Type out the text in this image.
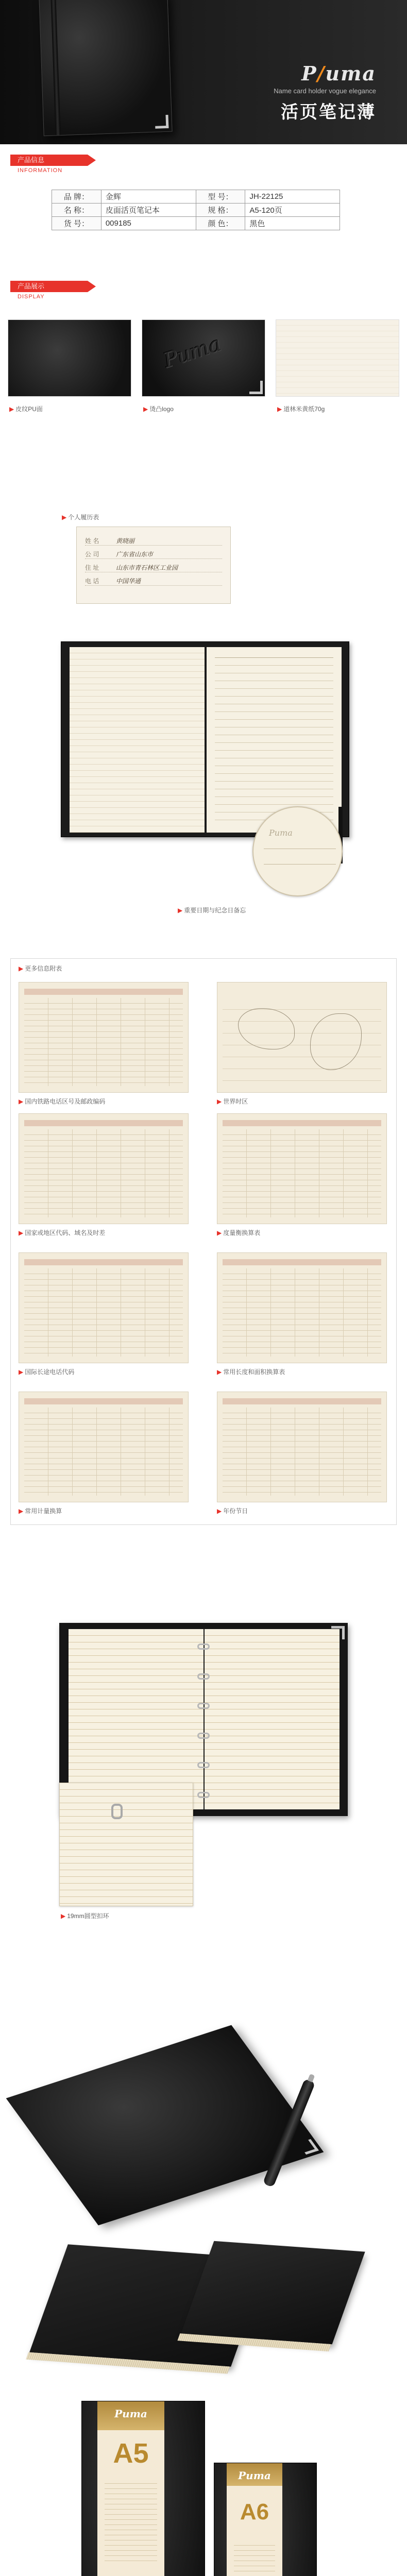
P/uma
Name card holder vogue elegance
活页笔记薄
产品信息
INFORMATION
品 牌：	金辉	型 号：	JH-22125
名 称：	皮面活页笔记本	规 格：	A5-120页
货 号：	009185	颜 色：	黑色
产品展示
DISPLAY
Puma
▶ 皮纹PU面	▶ 烫凸logo	▶ 道林米黄纸70g
▶ 个人履历表
姓 名	黄晓丽
公 司	广东省山东市
住 址	山东市青石林区工业园
电 话	中国华通
Puma
▶ 重要日期与纪念日备忘
▶ 更多信息附表
▶ 国内铁路电话区号及邮政编码	▶ 世界时区
▶ 国家或地区代码、域名及时差	▶ 度量衡换算表
▶ 国际长途电话代码	▶ 常用长度和面积换算表
▶ 常用计量换算	▶ 年份节日
▶ 19mm圆型扣环
Puma
A5
Puma
A6
